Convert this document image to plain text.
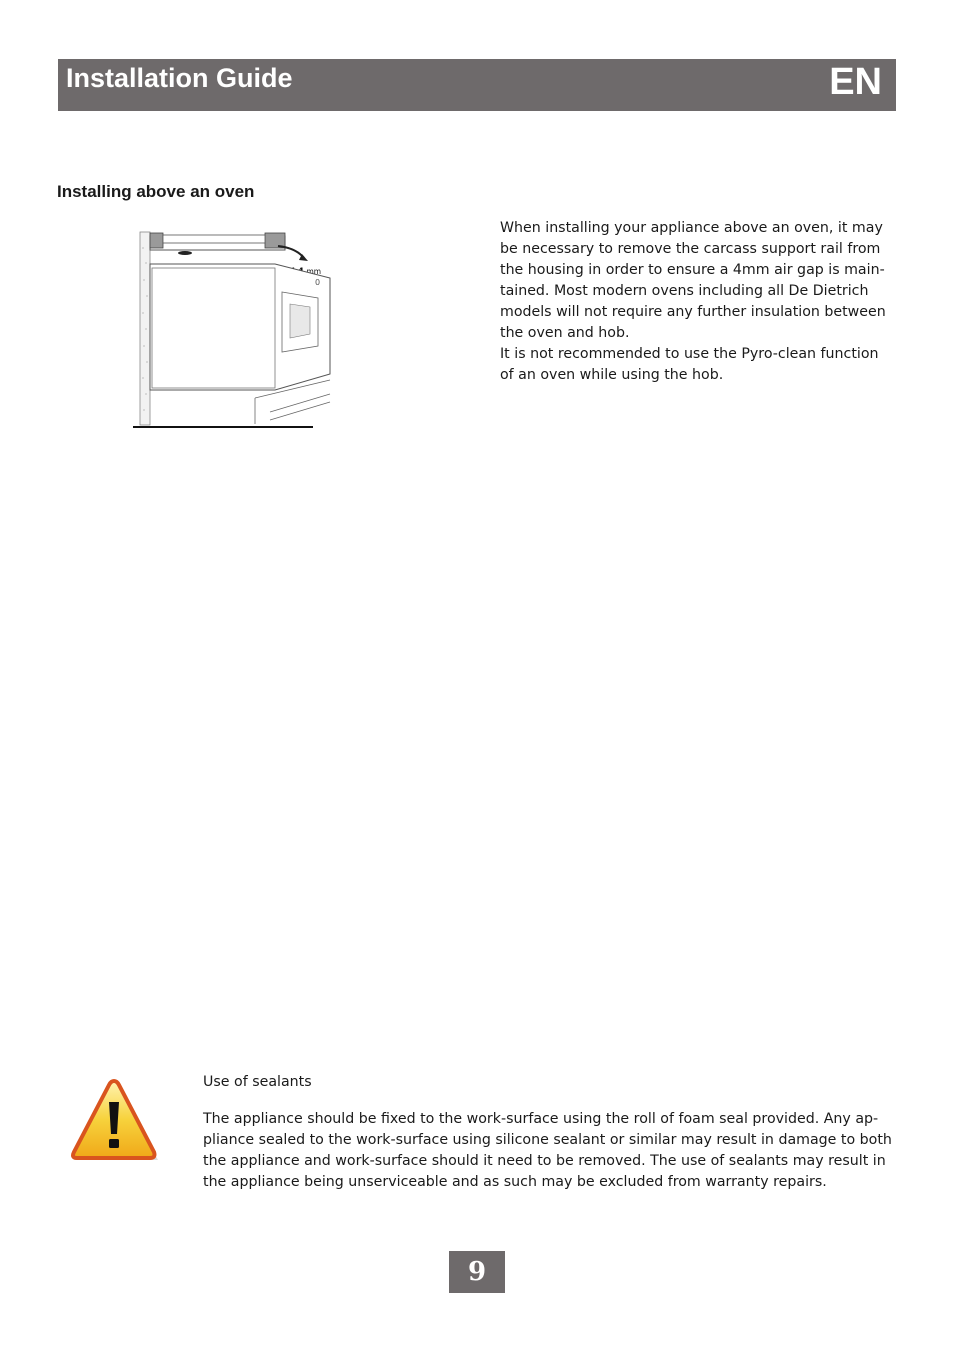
Installation Guide	EN
Installing above an oven
mm
0

When installing your appliance above an oven, it may

be necessary to remove the carcass support rail from

the housing in order to ensure a 4mm air gap is main-

tained. Most modern ovens including all De Dietrich

models will not require any further insulation between

the oven and hob.

It is not recommended to use the Pyro-clean function

of an oven while using the hob.

Use of sealants

The appliance should be fixed to the work-surface using the roll of foam seal provided. Any ap-

pliance sealed to the work-surface using silicone sealant or similar may result in damage to both

the appliance and work-surface should it need to be removed. The use of sealants may result in

the appliance being unserviceable and as such may be excluded from warranty repairs.

9
